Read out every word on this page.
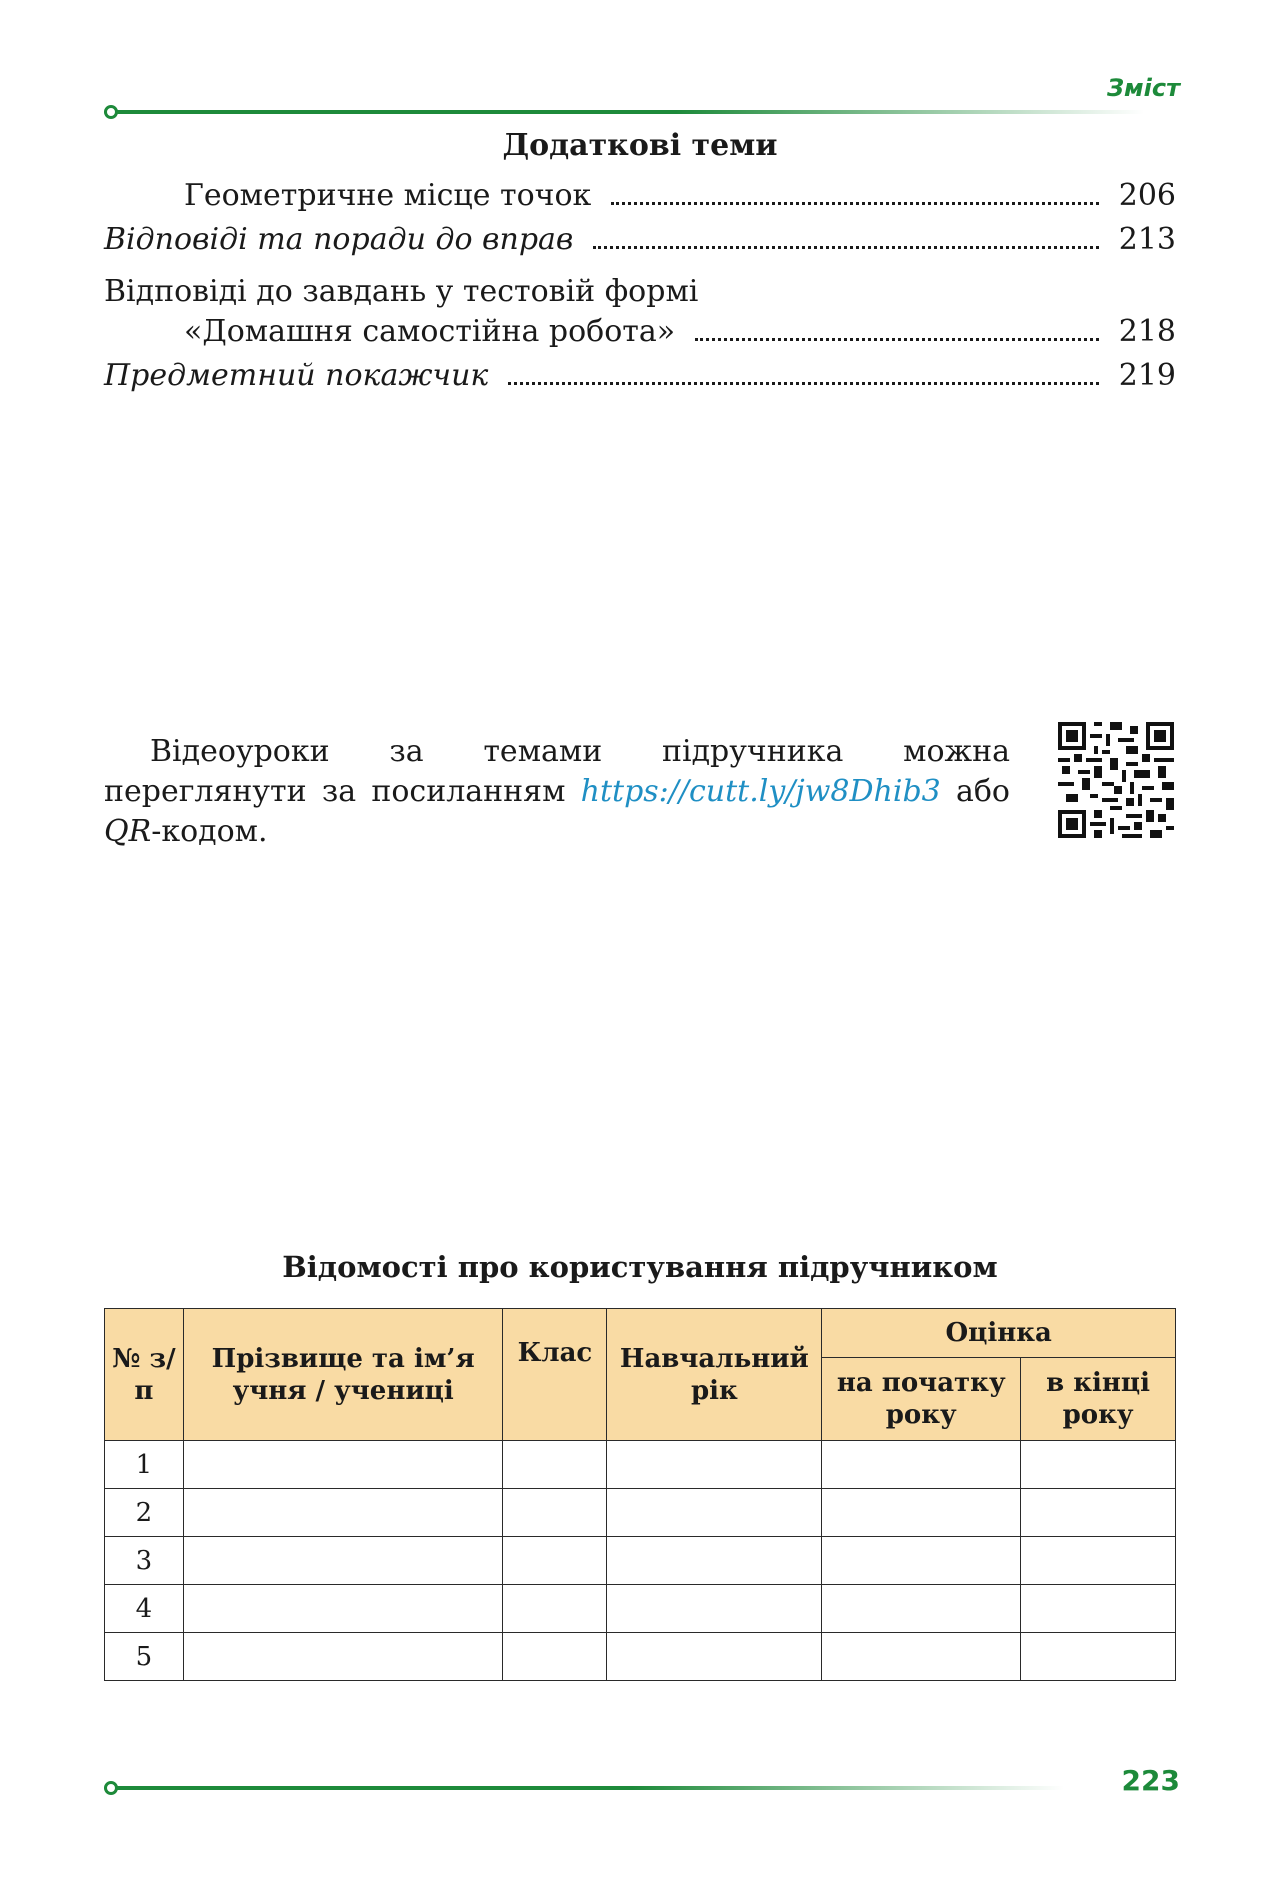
Зміст
Додаткові теми
Геометричне місце точок	206
Відповіді та поради до вправ	213
Відповіді до завдань у тестовій формі
«Домашня самостійна робота»	218
Предметний покажчик	219
Відеоуроки за темами підручника можна переглянути за посиланням https://cutt.ly/jw8Dhib3 або QR-кодом.
Відомості про користування підручником
№ з/п	Прізвище та ім’я учня / учениці	Клас	Навчальний рік	Оцінка	
				на початку року	в кінці року
1					
2					
3					
4					
5					
223
